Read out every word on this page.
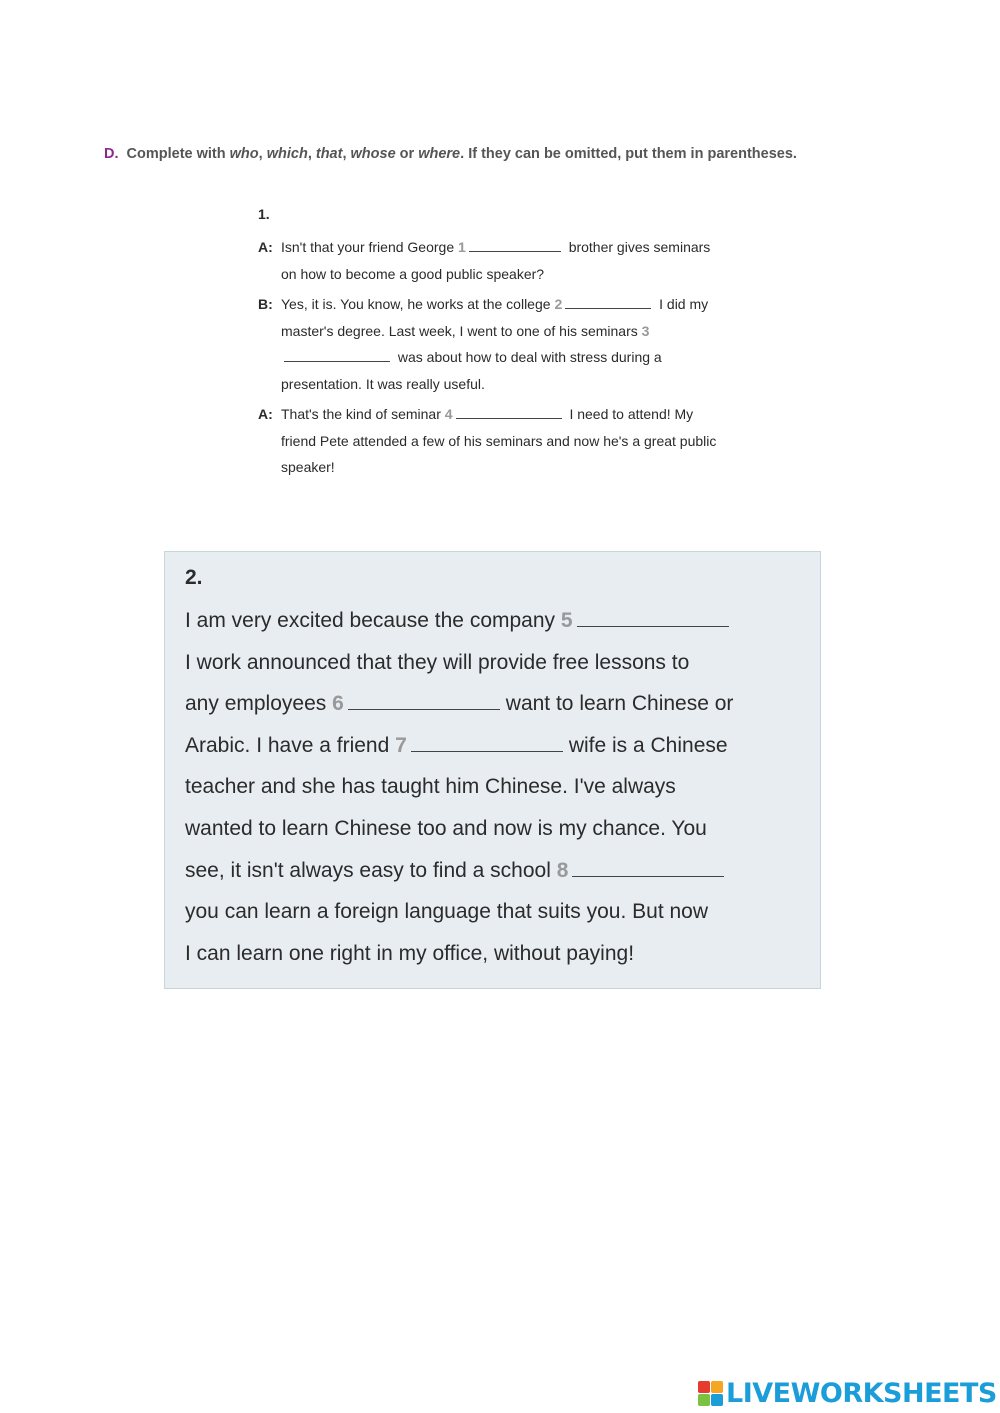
D. Complete with who, which, that, whose or where. If they can be omitted, put them in parentheses.
1.
A: Isn't that your friend George 1	brother gives seminars on how to become a good public speaker?
B: Yes, it is. You know, he works at the college 2	I did my master's degree. Last week, I went to one of his seminars 3 was about how to deal with stress during a presentation. It was really useful.
A: That's the kind of seminar 4	I need to attend! My friend Pete attended a few of his seminars and now he's a great public speaker!
2.
I am very excited because the company 5
I work announced that they will provide free lessons to
any employees 6	want to learn Chinese or
Arabic. I have a friend 7	wife is a Chinese
teacher and she has taught him Chinese. I've always
wanted to learn Chinese too and now is my chance. You
see, it isn't always easy to find a school 8
you can learn a foreign language that suits you. But now
I can learn one right in my office, without paying!
LIVEWORKSHEETS
